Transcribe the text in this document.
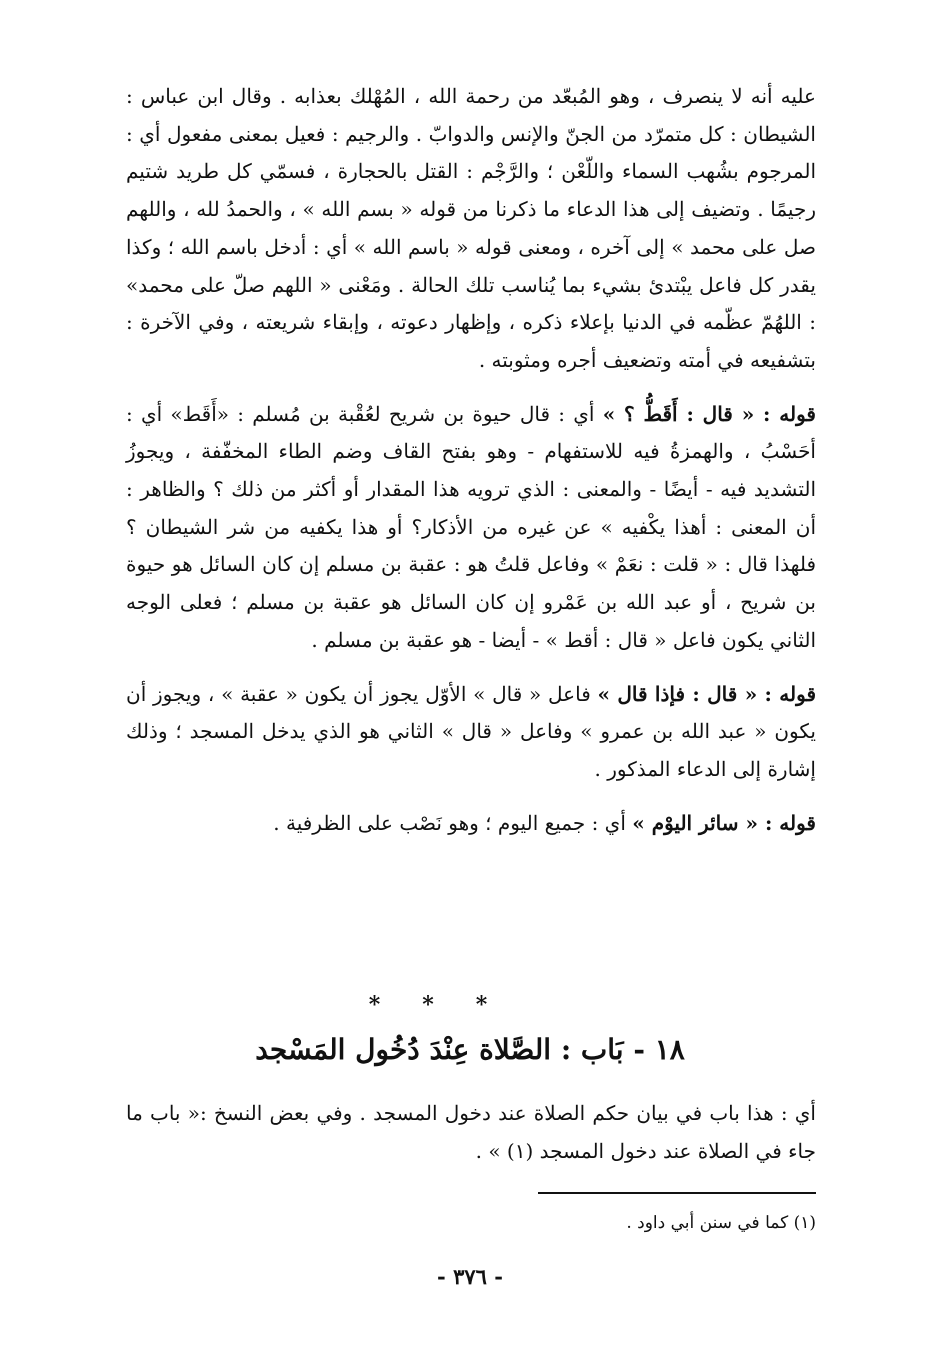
عليه أنه لا ينصرف ، وهو المُبعّد من رحمة الله ، المُهْلك بعذابه . وقال ابن عباس : الشيطان : كل متمرّد من الجنّ والإنس والدوابّ . والرجيم : فعيل بمعنى مفعول أي : المرجوم بشُهب السماء واللّعْن ؛ والرَّجْم : القتل بالحجارة ، فسمّي كل طريد شتيم رجيمًا . وتضيف إلى هذا الدعاء ما ذكرنا من قوله « بسم الله » ، والحمدُ لله ، واللهم صل على محمد » إلى آخره ، ومعنى قوله « باسم الله » أي : أدخل باسم الله ؛ وكذا يقدر كل فاعل يبْتدئ بشيء بما يُناسب تلك الحالة . ومَعْنى « اللهم صلّ على محمد» : اللهُمّ عظّمه في الدنيا بإعلاء ذكره ، وإظهار دعوته ، وإبقاء شريعته ، وفي الآخرة : بتشفيعه في أمته وتضعيف أجره ومثوبته .

قوله : « قال : أَقَطُّ ؟ » أي : قال حيوة بن شريح لعُقْبة بن مُسلم : «أَقَط» أي : أحَسْبُ ، والهمزةُ فيه للاستفهام - وهو بفتح القاف وضم الطاء المخفّفة ، ويجوزُ التشديد فيه - أيضًا - والمعنى : الذي ترويه هذا المقدار أو أكثر من ذلك ؟ والظاهر : أن المعنى : أهذا يكْفيه » عن غيره من الأذكار؟ أو هذا يكفيه من شر الشيطان ؟ فلهذا قال : « قلت : نعَمْ » وفاعل قلتُ هو : عقبة بن مسلم إن كان السائل هو حيوة بن شريح ، أو عبد الله بن عَمْرو إن كان السائل هو عقبة بن مسلم ؛ فعلى الوجه الثاني يكون فاعل « قال : أقط » - أيضا - هو عقبة بن مسلم .

قوله : « قال : فإذا قال » فاعل « قال » الأوّل يجوز أن يكون « عقبة » ، ويجوز أن يكون « عبد الله بن عمرو » وفاعل « قال » الثاني هو الذي يدخل المسجد ؛ وذلك إشارة إلى الدعاء المذكور .

قوله : « سائر اليوْم » أي : جميع اليوم ؛ وهو نَصْب على الظرفية .

***
١٨ - بَاب : الصَّلاة عِنْدَ دُخُول المَسْجد

أي : هذا باب في بيان حكم الصلاة عند دخول المسجد . وفي بعض النسخ :« باب ما جاء في الصلاة عند دخول المسجد (١) » .

(١) كما في سنن أبي داود .
- ٣٧٦ -
